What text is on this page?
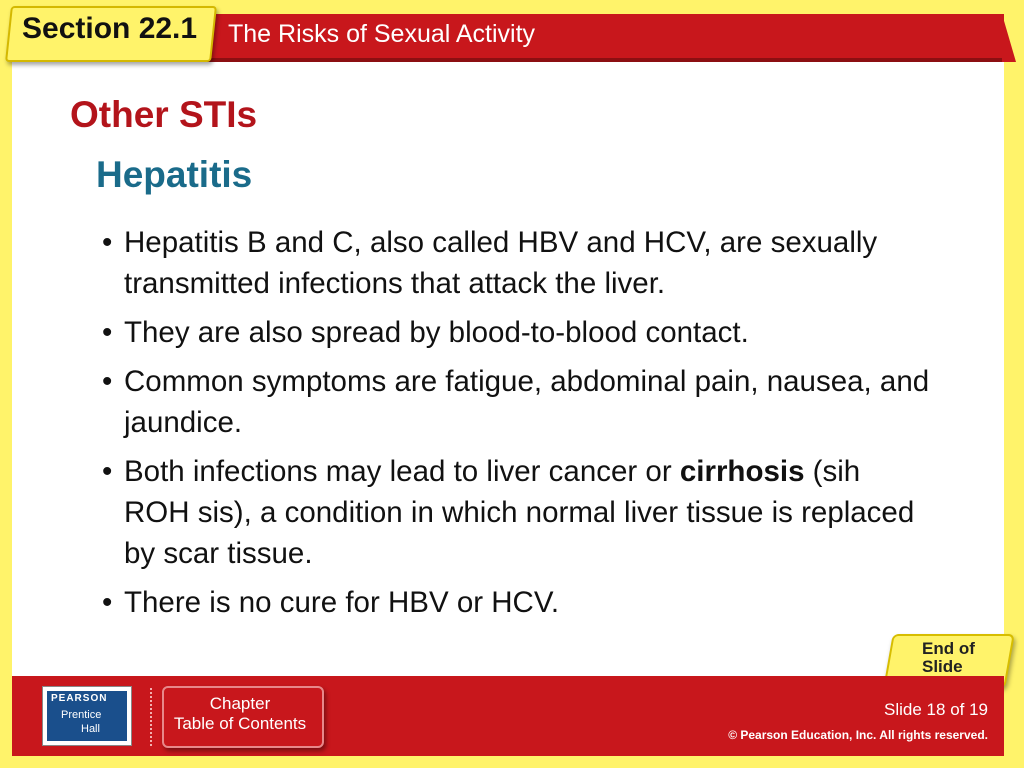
The Risks of Sexual Activity
Section 22.1
Other STIs
Hepatitis
• Hepatitis B and C, also called HBV and HCV, are sexually transmitted infections that attack the liver.
• They are also spread by blood-to-blood contact.
• Common symptoms are fatigue, abdominal pain, nausea, and jaundice.
• Both infections may lead to liver cancer or cirrhosis (sih ROH sis), a condition in which normal liver tissue is replaced by scar tissue.
• There is no cure for HBV or HCV.
End of
Slide
PEARSON
Prentice
Hall
Chapter
Table of Contents
Slide 18 of 19
© Pearson Education, Inc. All rights reserved.
